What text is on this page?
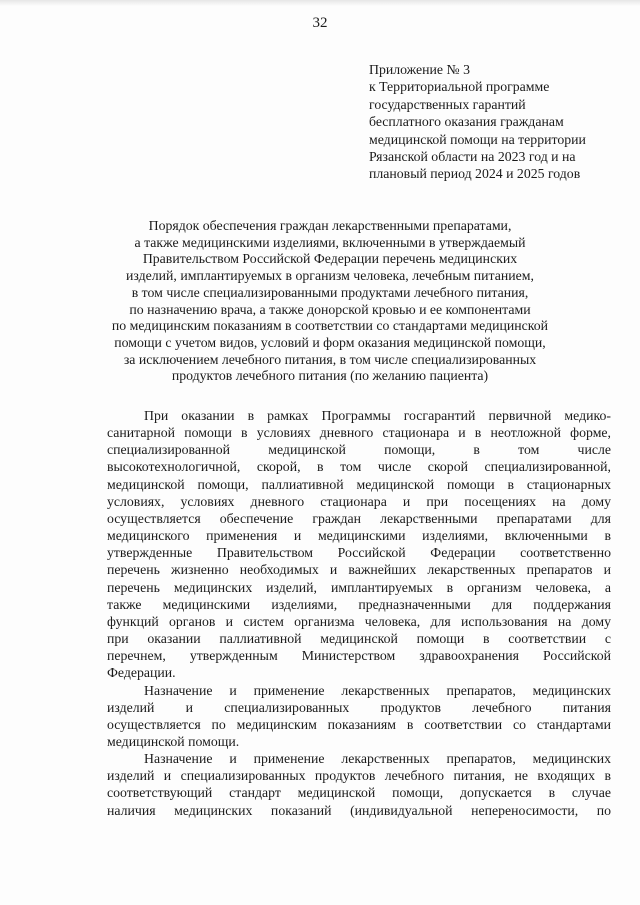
32
Приложение № 3
к Территориальной программе
государственных гарантий
бесплатного оказания гражданам
медицинской помощи на территории
Рязанской области на 2023 год и на
плановый период 2024 и 2025 годов
Порядок обеспечения граждан лекарственными препаратами,
а также медицинскими изделиями, включенными в утверждаемый
Правительством Российской Федерации перечень медицинских
изделий, имплантируемых в организм человека, лечебным питанием,
в том числе специализированными продуктами лечебного питания,
по назначению врача, а также донорской кровью и ее компонентами
по медицинским показаниям в соответствии со стандартами медицинской
помощи с учетом видов, условий и форм оказания медицинской помощи,
за исключением лечебного питания, в том числе специализированных
продуктов лечебного питания (по желанию пациента)
При оказании в рамках Программы госгарантий первичной медико-
санитарной помощи в условиях дневного стационара и в неотложной форме,
специализированной медицинской помощи, в том числе
высокотехнологичной, скорой, в том числе скорой специализированной,
медицинской помощи, паллиативной медицинской помощи в стационарных
условиях, условиях дневного стационара и при посещениях на дому
осуществляется обеспечение граждан лекарственными препаратами для
медицинского применения и медицинскими изделиями, включенными в
утвержденные Правительством Российской Федерации соответственно
перечень жизненно необходимых и важнейших лекарственных препаратов и
перечень медицинских изделий, имплантируемых в организм человека, а
также медицинскими изделиями, предназначенными для поддержания
функций органов и систем организма человека, для использования на дому
при оказании паллиативной медицинской помощи в соответствии с
перечнем, утвержденным Министерством здравоохранения Российской
Федерации.
Назначение и применение лекарственных препаратов, медицинских
изделий и специализированных продуктов лечебного питания
осуществляется по медицинским показаниям в соответствии со стандартами
медицинской помощи.
Назначение и применение лекарственных препаратов, медицинских
изделий и специализированных продуктов лечебного питания, не входящих в
соответствующий стандарт медицинской помощи, допускается в случае
наличия медицинских показаний (индивидуальной непереносимости, по
